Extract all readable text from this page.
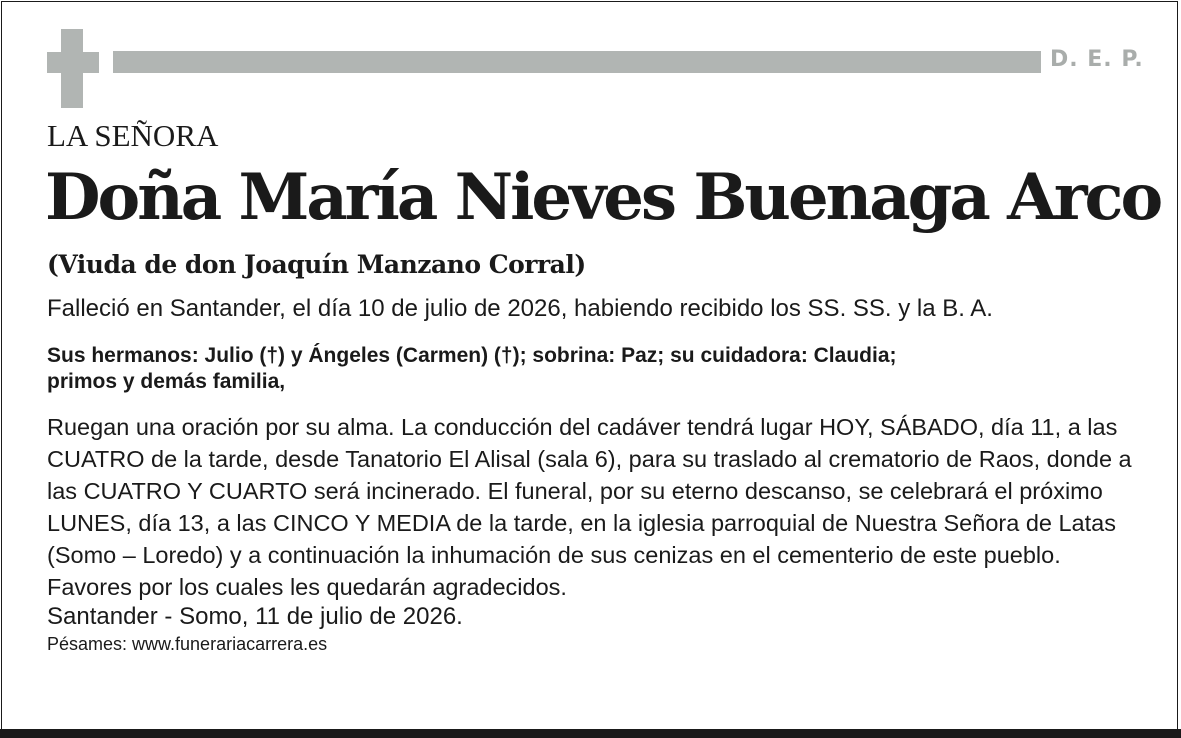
D. E. P.
LA SEÑORA
Doña María Nieves Buenaga Arco
(Viuda de don Joaquín Manzano Corral)
Falleció en Santander, el día 10 de julio de 2026, habiendo recibido los SS. SS. y la B. A.
Sus hermanos: Julio (†) y Ángeles (Carmen) (†); sobrina: Paz; su cuidadora: Claudia;
primos y demás familia,
Ruegan una oración por su alma. La conducción del cadáver tendrá lugar HOY, SÁBADO, día 11, a las CUATRO de la tarde, desde Tanatorio El Alisal (sala 6), para su traslado al crematorio de Raos, donde a las CUATRO Y CUARTO será incinerado. El funeral, por su eterno descanso, se celebrará el próximo LUNES, día 13, a las CINCO Y MEDIA de la tarde, en la iglesia parroquial de Nuestra Señora de Latas (Somo – Loredo) y a continuación la inhumación de sus cenizas en el cementerio de este pueblo. Favores por los cuales les quedarán agradecidos.
Santander - Somo, 11 de julio de 2026.
Pésames: www.funerariacarrera.es
